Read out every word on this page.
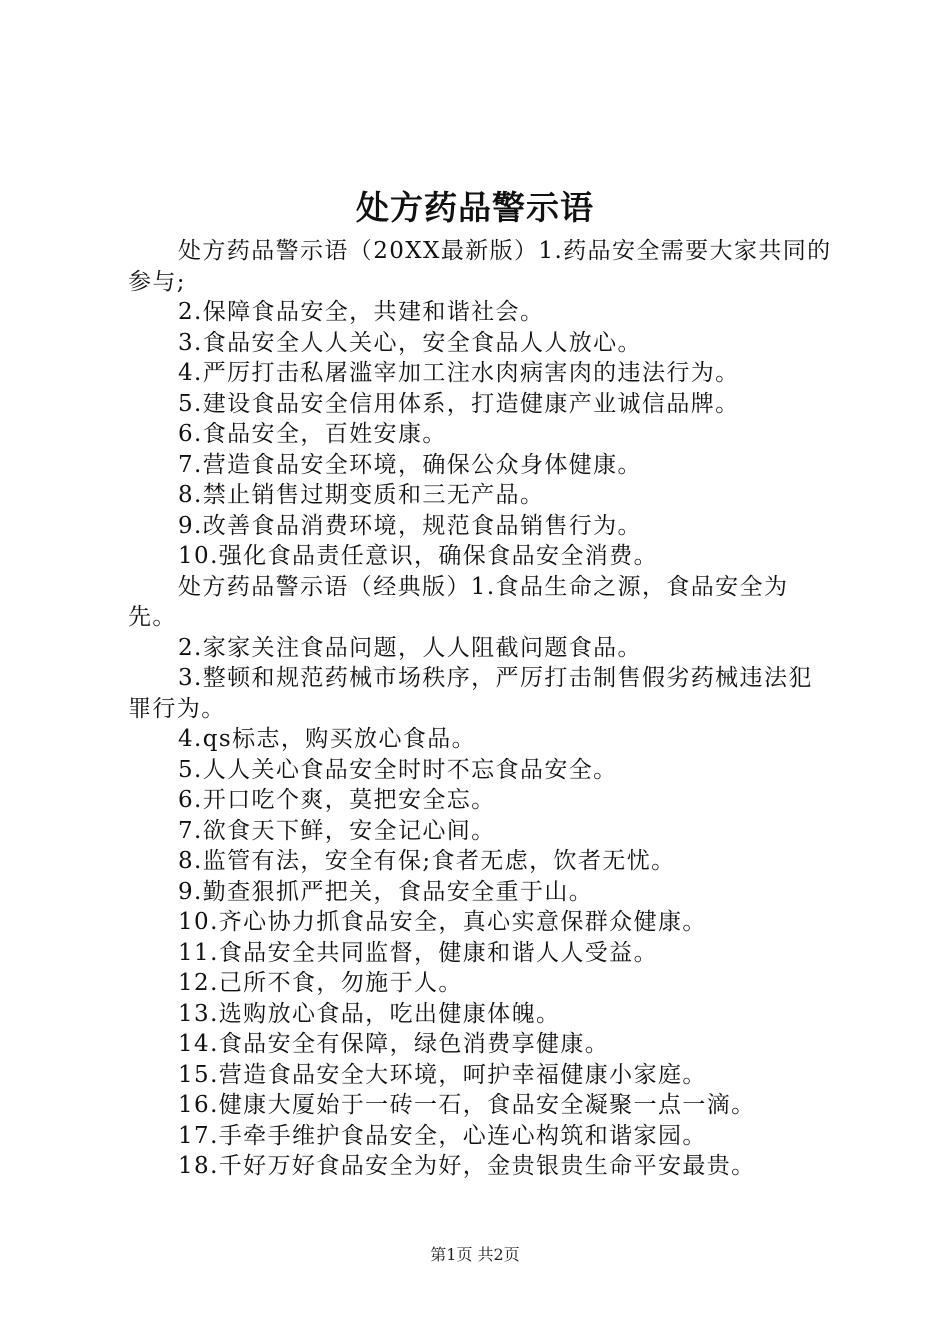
处方药品警示语

处方药品警示语（20XX最新版）1.药品安全需要大家共同的参与;

2.保障食品安全，共建和谐社会。

3.食品安全人人关心，安全食品人人放心。

4.严厉打击私屠滥宰加工注水肉病害肉的违法行为。

5.建设食品安全信用体系，打造健康产业诚信品牌。

6.食品安全，百姓安康。

7.营造食品安全环境，确保公众身体健康。

8.禁止销售过期变质和三无产品。

9.改善食品消费环境，规范食品销售行为。

10.强化食品责任意识，确保食品安全消费。

处方药品警示语（经典版）1.食品生命之源，食品安全为先。

2.家家关注食品问题，人人阻截问题食品。

3.整顿和规范药械市场秩序，严厉打击制售假劣药械违法犯罪行为。

4.qs标志，购买放心食品。

5.人人关心食品安全时时不忘食品安全。

6.开口吃个爽，莫把安全忘。

7.欲食天下鲜，安全记心间。

8.监管有法，安全有保;食者无虑，饮者无忧。

9.勤查狠抓严把关，食品安全重于山。

10.齐心协力抓食品安全，真心实意保群众健康。

11.食品安全共同监督，健康和谐人人受益。

12.己所不食，勿施于人。

13.选购放心食品，吃出健康体魄。

14.食品安全有保障，绿色消费享健康。

15.营造食品安全大环境，呵护幸福健康小家庭。

16.健康大厦始于一砖一石，食品安全凝聚一点一滴。

17.手牵手维护食品安全，心连心构筑和谐家园。

18.千好万好食品安全为好，金贵银贵生命平安最贵。

第1页 共2页
